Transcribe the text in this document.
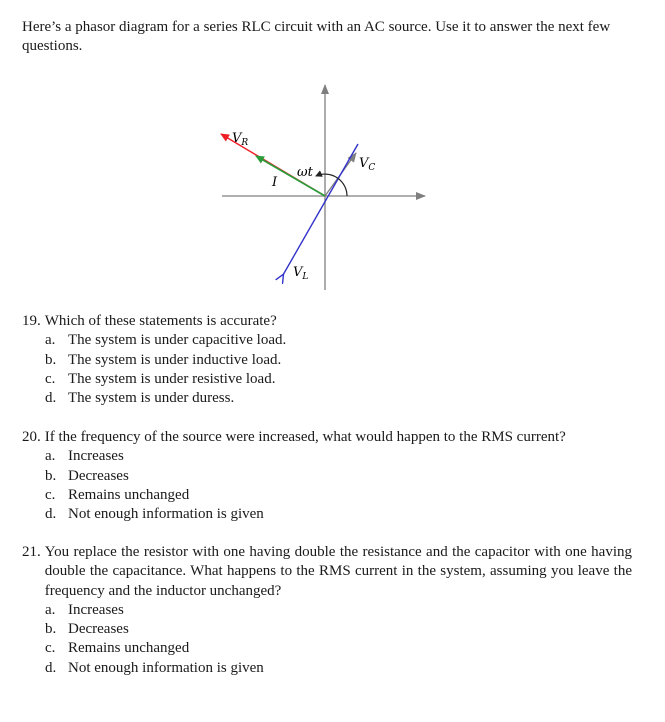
Here’s a phasor diagram for a series RLC circuit with an AC source. Use it to answer the next few questions.
VR
VC
VL
I
ωt
19. Which of these statements is accurate?
a. The system is under capacitive load.
b. The system is under inductive load.
c. The system is under resistive load.
d. The system is under duress.
20. If the frequency of the source were increased, what would happen to the RMS current?
a. Increases
b. Decreases
c. Remains unchanged
d. Not enough information is given
21. You replace the resistor with one having double the resistance and the capacitor with one having double the capacitance. What happens to the RMS current in the system, assuming you leave the frequency and the inductor unchanged?
a. Increases
b. Decreases
c. Remains unchanged
d. Not enough information is given
